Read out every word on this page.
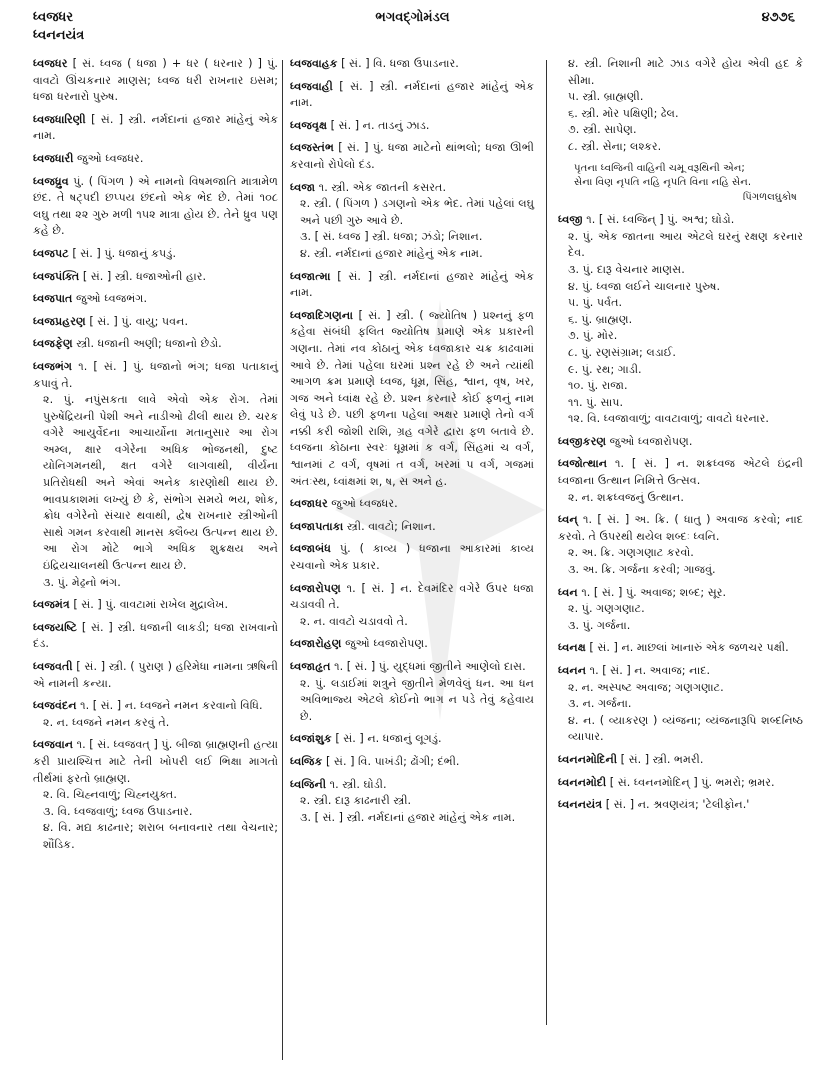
ધ્વજધર
ધ્વનનયંત્ર
ભગવદ્ગોમંડલ	૪૭૭૬
ધ્વજધર [ સં. ધ્વજ ( ધજા ) + ધર ( ધરનાર ) ] પું. વાવટો ઊંચકનાર માણસ; ધ્વજ ધરી રાખનાર ઇસમ; ધજા ધરનારો પુરુષ.
ધ્વજધારિણી [ સં. ] સ્ત્રી. નર્મદાનાં હજાર માંહેનું એક નામ.
ધ્વજધારી જુઓ ધ્વજધર.
ધ્વજધ્રુવ પું. ( પિંગળ ) એ નામનો વિષમજાતિ માત્રામેળ છંદ. તે ષટ્પદી છપ્પય છંદનો એક ભેદ છે. તેમાં ૧૦૮ લઘુ તથા ૨૨ ગુરુ મળી ૧૫૨ માત્રા હોય છે. તેને ધ્રુવ પણ કહે છે.
ધ્વજપટ [ સં. ] પું. ધજાનું કપડું.
ધ્વજપંક્તિ [ સં. ] સ્ત્રી. ધજાઓની હાર.
ધ્વજપાત જુઓ ધ્વજભંગ.
ધ્વજપ્રહરણ [ સં. ] પું. વાયુ; પવન.
ધ્વજફેણ સ્ત્રી. ધજાની અણી; ધજાનો છેડો.
ધ્વજભંગ ૧. [ સં. ] પું. ધજાનો ભંગ; ધજા પતાકાનું કપાવું તે.
૨. પું. નપુંસકતા લાવે એવો એક રોગ. તેમાં પુરુષેંદ્રિયની પેશી અને નાડીઓ ઢીલી થાય છે. ચરક વગેરે આયુર્વેદના આચાર્યોના મતાનુસાર આ રોગ અમ્લ, ક્ષાર વગેરેના અધિક ભોજનથી, દુષ્ટ યોનિગમનથી, ક્ષત વગેરે લાગવાથી, વીર્યના પ્રતિરોધથી અને એવાં અનેક કારણોથી થાય છે. ભાવપ્રકાશમાં લખ્યું છે કે, સંભોગ સમયે ભય, શોક, ક્રોધ વગેરેનો સંચાર થવાથી, દ્વેષ રાખનાર સ્ત્રીઓની સાથે ગમન કરવાથી માનસ ક્લૈબ્ય ઉત્પન્ન થાય છે. આ રોગ મોટે ભાગે અધિક શુક્રક્ષય અને ઇંદ્રિયચાલનથી ઉત્પન્ન થાય છે.
૩. પું. મેઢ્રનો ભંગ.
ધ્વજમંત્ર [ સં. ] પું. વાવટામાં રાખેલ મુદ્રાલેખ.
ધ્વજયષ્ટિ [ સં. ] સ્ત્રી. ધજાની લાકડી; ધજા રાખવાનો દંડ.
ધ્વજવતી [ સં. ] સ્ત્રી. ( પુરાણ ) હરિમેધા નામના ઋષિની એ નામની કન્યા.
ધ્વજવંદન ૧. [ સં. ] ન. ધ્વજને નમન કરવાનો વિધિ.
૨. ન. ધ્વજને નમન કરવું તે.
ધ્વજવાન ૧. [ સં. ધ્વજવત્ ] પું. બીજા બ્રાહ્મણની હત્યા કરી પ્રાયશ્ચિત્ત માટે તેની ખોપરી લઈ ભિક્ષા માગતો તીર્થમાં ફરતો બ્રાહ્મણ.
૨. વિ. ચિહ્નવાળું; ચિહ્નયુક્ત.
૩. વિ. ધ્વજવાળું; ધ્વજ ઉપાડનાર.
૪. વિ. મદ્ય કાઢનાર; શરાબ બનાવનાર તથા વેચનાર; શૌંડિક.
ધ્વજવાહક [ સં. ] વિ. ધજા ઉપાડનાર.
ધ્વજવાહી [ સં. ] સ્ત્રી. નર્મદાનાં હજાર માંહેનું એક નામ.
ધ્વજવૃક્ષ [ સં. ] ન. તાડનું ઝાડ.
ધ્વજસ્તંભ [ સં. ] પું. ધજા માટેનો થાંભલો; ધજા ઊભી કરવાનો રોપેલો દંડ.
ધ્વજા ૧. સ્ત્રી. એક જાતની કસરત.
૨. સ્ત્રી. ( પિંગળ ) ડગણનો એક ભેદ. તેમાં પહેલાં લઘુ અને પછી ગુરુ આવે છે.
૩. [ સં. ધ્વજ ] સ્ત્રી. ધજા; ઝંડો; નિશાન.
૪. સ્ત્રી. નર્મદાનાં હજાર માંહેનું એક નામ.
ધ્વજાત્મા [ સં. ] સ્ત્રી. નર્મદાનાં હજાર માંહેનું એક નામ.
ધ્વજાદિગણના [ સં. ] સ્ત્રી. ( જ્યોતિષ ) પ્રશ્નનું ફળ કહેવા સંબંધી ફલિત જ્યોતિષ પ્રમાણે એક પ્રકારની ગણના. તેમાં નવ કોઠાનું એક ધ્વજાકાર ચક્ર કાઢવામાં આવે છે. તેમાં પહેલા ઘરમાં પ્રશ્ન રહે છે અને ત્યાંથી આગળ ક્રમ પ્રમાણે ધ્વજ, ધૂમ્ર, સિંહ, શ્વાન, વૃષ, ખર, ગજ અને ધ્વાંક્ષ રહે છે. પ્રશ્ન કરનારે કોઈ ફળનું નામ લેવું પડે છે. પછી ફળના પહેલા અક્ષર પ્રમાણે તેનો વર્ગ નક્કી કરી જોશી રાશિ, ગ્રહ વગેરે દ્વારા ફળ બતાવે છે. ધ્વજના કોઠાના સ્વરઃ ધૂમ્રમાં ક વર્ગ, સિંહમાં ચ વર્ગ, શ્વાનમાં ટ વર્ગ, વૃષમાં ત વર્ગ, ખરમાં પ વર્ગ, ગજમાં અંતઃસ્થ, ધ્વાંક્ષમાં શ, ષ, સ અને હ.
ધ્વજાધર જુઓ ધ્વજધર.
ધ્વજાપતાકા સ્ત્રી. વાવટો; નિશાન.
ધ્વજાબંધ પું. ( કાવ્ય ) ધજાના આકારમાં કાવ્ય રચવાનો એક પ્રકાર.
ધ્વજારોપણ ૧. [ સં. ] ન. દેવમંદિર વગેરે ઉપર ધજા ચડાવવી તે.
૨. ન. વાવટો ચડાવવો તે.
ધ્વજારોહણ જુઓ ધ્વજારોપણ.
ધ્વજાહૃત ૧. [ સં. ] પું. યુદ્ધમાં જીતીને આણેલો દાસ.
૨. પું. લડાઈમાં શત્રુને જીતીને મેળવેલું ધન. આ ધન અવિભાજ્ય એટલે કોઈનો ભાગ ન પડે તેવું કહેવાય છે.
ધ્વજાંશુક [ સં. ] ન. ધજાનું લૂગડું.
ધ્વજિક [ સં. ] વિ. પાખંડી; ઢોંગી; દંભી.
ધ્વજિની ૧. સ્ત્રી. ઘોડી.
૨. સ્ત્રી. દારૂ કાઢનારી સ્ત્રી.
૩. [ સં. ] સ્ત્રી. નર્મદાનાં હજાર માંહેનું એક નામ.
૪. સ્ત્રી. નિશાની માટે ઝાડ વગેરે હોય એવી હદ કે સીમા.
૫. સ્ત્રી. બ્રાહ્મણી.
૬. સ્ત્રી. મોર પક્ષિણી; ઢેલ.
૭. સ્ત્રી. સાપેણ.
૮. સ્ત્રી. સેના; લશ્કર.
પૃતના ધ્વજિની વાહિની ચમૂ વરૂથિની એન;
સેના વિણ નૃપતિ નહિ નૃપતિ વિના નહિ સેન.
પિંગળલઘુકોષ
ધ્વજી ૧. [ સં. ધ્વજિન્ ] પું. અશ્વ; ઘોડો.
૨. પું. એક જાતના આય એટલે ઘરનું રક્ષણ કરનાર દેવ.
૩. પું. દારૂ વેચનાર માણસ.
૪. પું. ધ્વજા લઈને ચાલનાર પુરુષ.
૫. પું. પર્વત.
૬. પું. બ્રાહ્મણ.
૭. પું. મોર.
૮. પું. રણસંગ્રામ; લડાઈ.
૯. પું. રથ; ગાડી.
૧૦. પું. રાજા.
૧૧. પું. સાપ.
૧૨. વિ. ધ્વજાવાળું; વાવટાવાળું; વાવટો ધરનાર.
ધ્વજીકરણ જુઓ ધ્વજારોપણ.
ધ્વજોત્થાન ૧. [ સં. ] ન. શક્રધ્વજ એટલે ઇંદ્રની ધ્વજાના ઉત્થાન નિમિત્તે ઉત્સવ.
૨. ન. શક્રધ્વજનું ઉત્થાન.
ધ્વન્ ૧. [ સં. ] અ. ક્રિ. ( ધાતુ ) અવાજ કરવો; નાદ કરવો. તે ઉપરથી થયેલ શબ્દઃ ધ્વનિ.
૨. અ. ક્રિ. ગણગણાટ કરવો.
૩. અ. ક્રિ. ગર્જના કરવી; ગાજવું.
ધ્વન ૧. [ સં. ] પું. અવાજ; શબ્દ; સૂર.
૨. પું. ગણગણાટ.
૩. પું. ગર્જના.
ધ્વનક્ષ [ સં. ] ન. માછલાં ખાનારું એક જળચર પક્ષી.
ધ્વનન ૧. [ સં. ] ન. અવાજ; નાદ.
૨. ન. અસ્પષ્ટ અવાજ; ગણગણાટ.
૩. ન. ગર્જના.
૪. ન. ( વ્યાકરણ ) વ્યંજના; વ્યંજનારૂપિ શબ્દનિષ્ઠ વ્યાપાર.
ધ્વનનમોદિની [ સં. ] સ્ત્રી. ભમરી.
ધ્વનનમોદી [ સં. ધ્વનનમોદિન્ ] પું. ભમરો; ભ્રમર.
ધ્વનનયંત્ર [ સં. ] ન. શ્રવણયંત્ર; 'ટેલીફોન.'
